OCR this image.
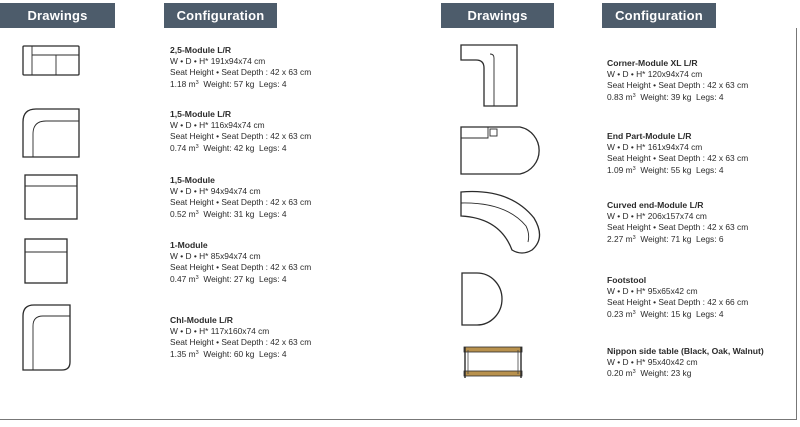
Drawings	Configuration	Drawings	Configuration
2,5-Module L/R
W • D • H* 191x94x74 cm
Seat Height • Seat Depth : 42 x 63 cm
1.18 $m^3$ Weight: 57 kg Legs: 4
1,5-Module L/R
W • D • H* 116x94x74 cm
Seat Height • Seat Depth : 42 x 63 cm
0.74 $m^3$ Weight: 42 kg Legs: 4
1,5-Module
W • D • H* 94x94x74 cm
Seat Height • Seat Depth : 42 x 63 cm
0.52 $m^3$ Weight: 31 kg Legs: 4
1-Module
W • D • H* 85x94x74 cm
Seat Height • Seat Depth : 42 x 63 cm
0.47 $m^3$ Weight: 27 kg Legs: 4
Chl-Module L/R
W • D • H* 117x160x74 cm
Seat Height • Seat Depth : 42 x 63 cm
1.35 $m^3$ Weight: 60 kg Legs: 4
Corner-Module XL L/R
W • D • H* 120x94x74 cm
Seat Height • Seat Depth : 42 x 63 cm
0.83 $m^3$ Weight: 39 kg Legs: 4
End Part-Module L/R
W • D • H* 161x94x74 cm
Seat Height • Seat Depth : 42 x 63 cm
1.09 $m^3$ Weight: 55 kg Legs: 4
Curved end-Module L/R
W • D • H* 206x157x74 cm
Seat Height • Seat Depth : 42 x 63 cm
2.27 $m^3$ Weight: 71 kg Legs: 6
Footstool
W • D • H* 95x65x42 cm
Seat Height • Seat Depth : 42 x 66 cm
0.23 $m^3$ Weight: 15 kg Legs: 4
Nippon side table (Black, Oak, Walnut)
W • D • H* 95x40x42 cm
0.20 $m^3$ Weight: 23 kg
